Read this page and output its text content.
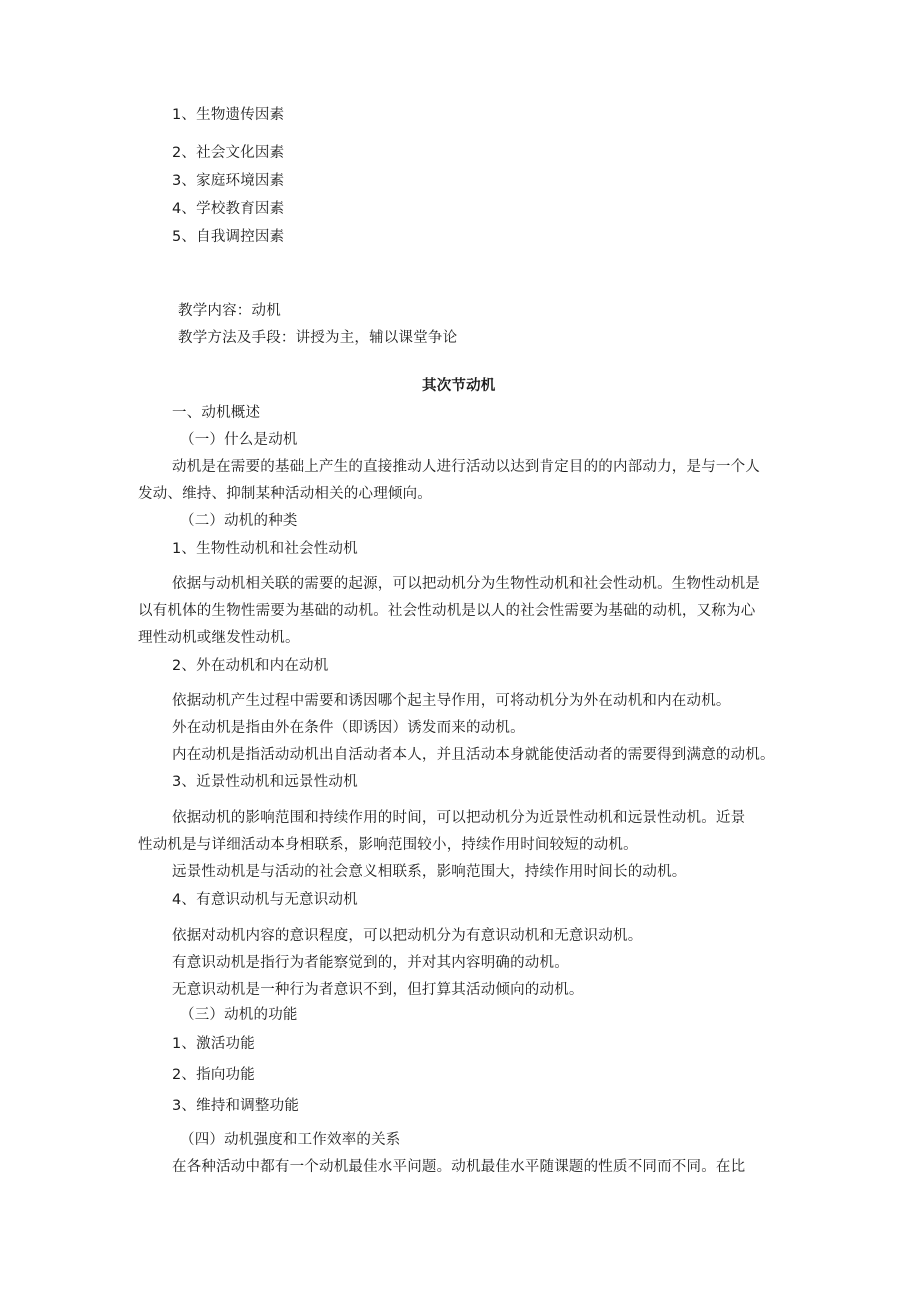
1、生物遗传因素
2、社会文化因素
3、家庭环境因素
4、学校教育因素
5、自我调控因素
教学内容：动机
教学方法及手段：讲授为主，辅以课堂争论
其次节动机
一、动机概述
（一）什么是动机
动机是在需要的基础上产生的直接推动人进行活动以达到肯定目的的内部动力，是与一个人
发动、维持、抑制某种活动相关的心理倾向。
（二）动机的种类
1、生物性动机和社会性动机
依据与动机相关联的需要的起源，可以把动机分为生物性动机和社会性动机。生物性动机是
以有机体的生物性需要为基础的动机。社会性动机是以人的社会性需要为基础的动机，又称为心
理性动机或继发性动机。
2、外在动机和内在动机
依据动机产生过程中需要和诱因哪个起主导作用，可将动机分为外在动机和内在动机。
外在动机是指由外在条件（即诱因）诱发而来的动机。
内在动机是指活动动机出自活动者本人，并且活动本身就能使活动者的需要得到满意的动机。
3、近景性动机和远景性动机
依据动机的影响范围和持续作用的时间，可以把动机分为近景性动机和远景性动机。近景
性动机是与详细活动本身相联系，影响范围较小，持续作用时间较短的动机。
远景性动机是与活动的社会意义相联系，影响范围大，持续作用时间长的动机。
4、有意识动机与无意识动机
依据对动机内容的意识程度，可以把动机分为有意识动机和无意识动机。
有意识动机是指行为者能察觉到的，并对其内容明确的动机。
无意识动机是一种行为者意识不到，但打算其活动倾向的动机。
（三）动机的功能
1、激活功能
2、指向功能
3、维持和调整功能
（四）动机强度和工作效率的关系
在各种活动中都有一个动机最佳水平问题。动机最佳水平随课题的性质不同而不同。在比
